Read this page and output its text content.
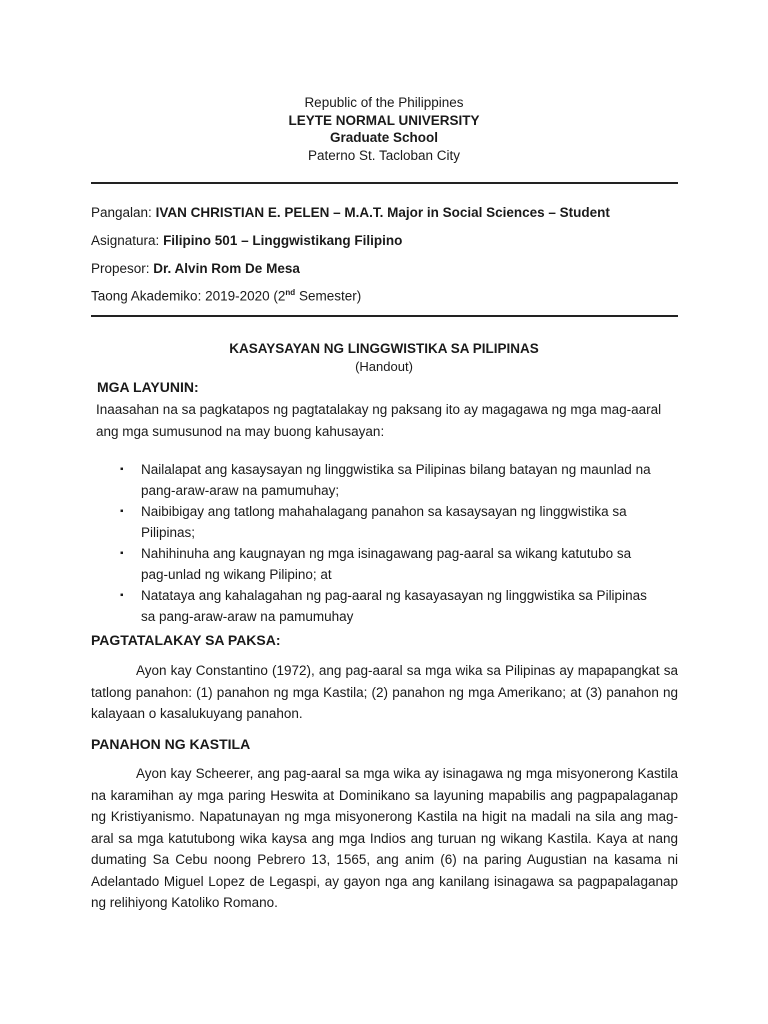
Republic of the Philippines
LEYTE NORMAL UNIVERSITY
Graduate School
Paterno St. Tacloban City
Pangalan: IVAN CHRISTIAN E. PELEN – M.A.T. Major in Social Sciences – Student
Asignatura: Filipino 501 – Linggwistikang Filipino
Propesor: Dr. Alvin Rom De Mesa
Taong Akademiko: 2019-2020 (2nd Semester)
KASAYSAYAN NG LINGGWISTIKA SA PILIPINAS
(Handout)
MGA LAYUNIN:
Inaasahan na sa pagkatapos ng pagtatalakay ng paksang ito ay magagawa ng mga mag-aaral ang mga sumusunod na may buong kahusayan:
▪ Nailalapat ang kasaysayan ng linggwistika sa Pilipinas bilang batayan ng maunlad na pang-araw-araw na pamumuhay;
▪ Naibibigay ang tatlong mahahalagang panahon sa kasaysayan ng linggwistika sa Pilipinas;
▪ Nahihinuha ang kaugnayan ng mga isinagawang pag-aaral sa wikang katutubo sa pag-unlad ng wikang Pilipino; at
▪ Natataya ang kahalagahan ng pag-aaral ng kasayasayan ng linggwistika sa Pilipinas sa pang-araw-araw na pamumuhay
PAGTATALAKAY SA PAKSA:
Ayon kay Constantino (1972), ang pag-aaral sa mga wika sa Pilipinas ay mapapangkat sa tatlong panahon: (1) panahon ng mga Kastila; (2) panahon ng mga Amerikano; at (3) panahon ng kalayaan o kasalukuyang panahon.
PANAHON NG KASTILA
Ayon kay Scheerer, ang pag-aaral sa mga wika ay isinagawa ng mga misyonerong Kastila na karamihan ay mga paring Heswita at Dominikano sa layuning mapabilis ang pagpapalaganap ng Kristiyanismo. Napatunayan ng mga misyonerong Kastila na higit na madali na sila ang mag-aral sa mga katutubong wika kaysa ang mga Indios ang turuan ng wikang Kastila. Kaya at nang dumating Sa Cebu noong Pebrero 13, 1565, ang anim (6) na paring Augustian na kasama ni Adelantado Miguel Lopez de Legaspi, ay gayon nga ang kanilang isinagawa sa pagpapalaganap ng relihiyong Katoliko Romano.
